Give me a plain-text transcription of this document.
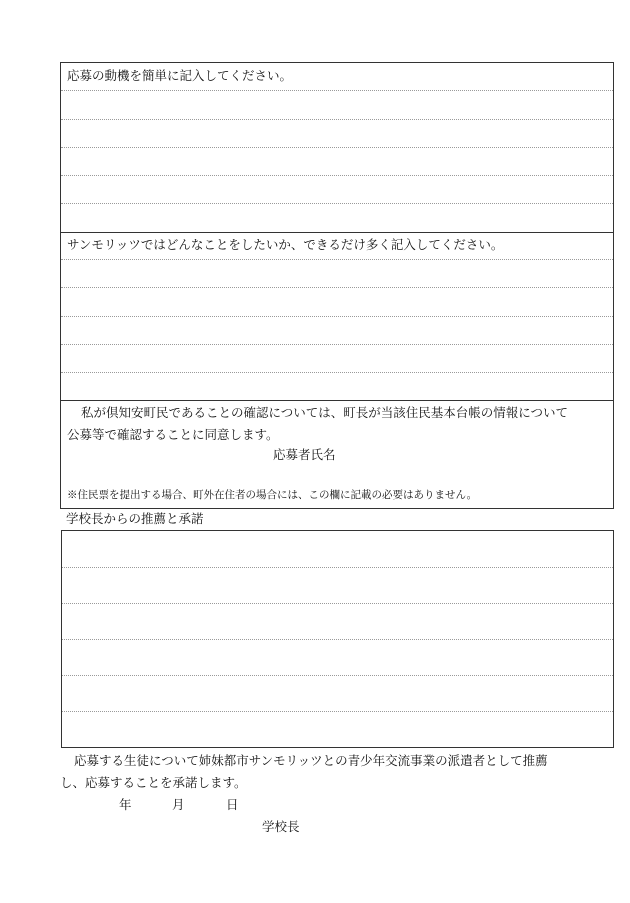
応募の動機を簡単に記入してください。
サンモリッツではどんなことをしたいか、できるだけ多く記入してください。
私が倶知安町民であることの確認については、町長が当該住民基本台帳の情報について
公募等で確認することに同意します。
応募者氏名
※住民票を提出する場合、町外在住者の場合には、この欄に記載の必要はありません。
学校長からの推薦と承諾
応募する生徒について姉妹都市サンモリッツとの青少年交流事業の派遣者として推薦
し、応募することを承諾します。
年	月	日
学校長
